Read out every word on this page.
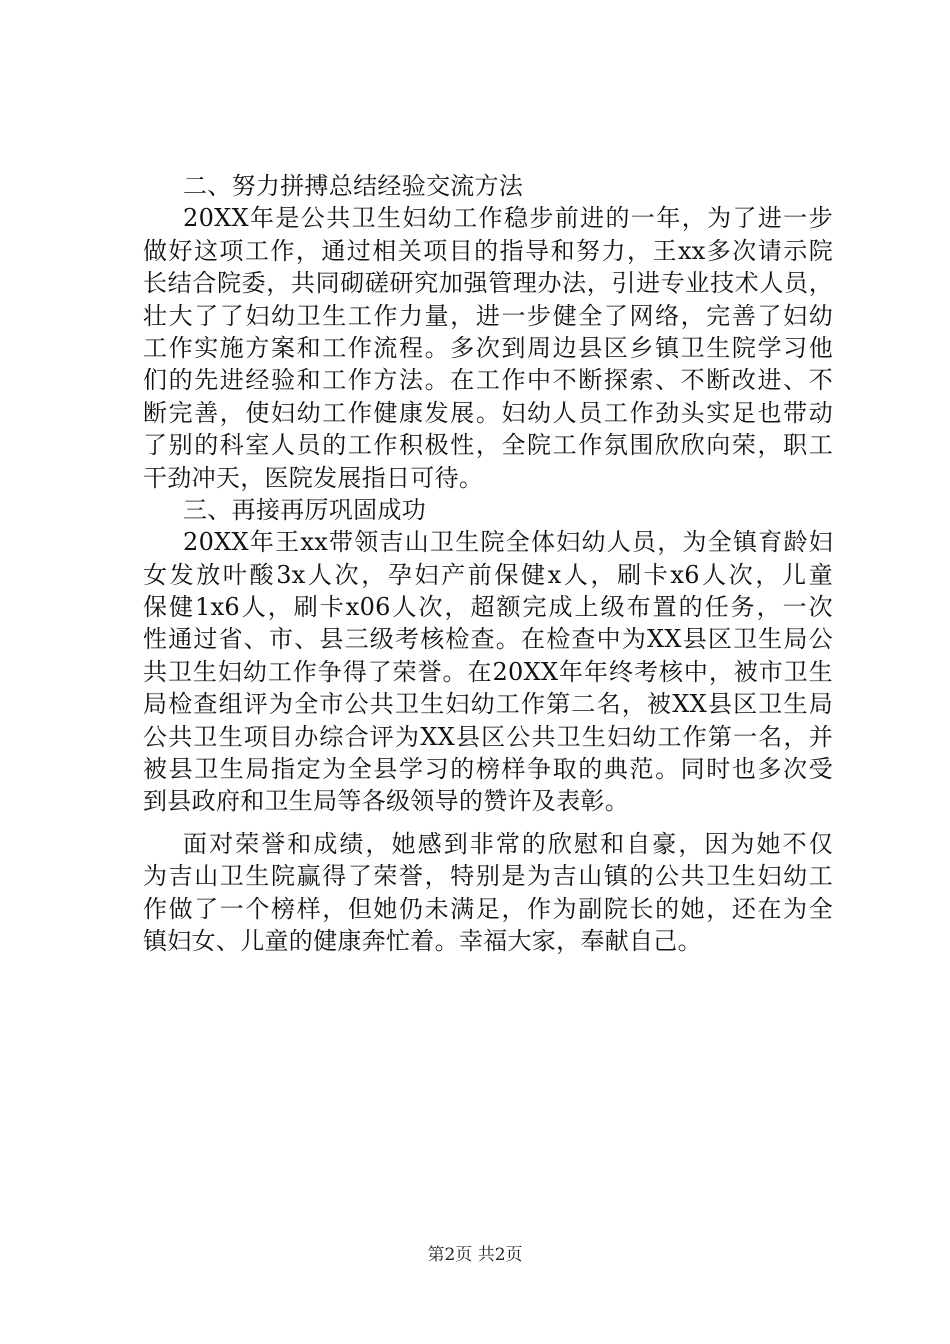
二、努力拼搏总结经验交流方法
20XX年是公共卫生妇幼工作稳步前进的一年，为了进一步
做好这项工作，通过相关项目的指导和努力，王xx多次请示院
长结合院委，共同砌磋研究加强管理办法，引进专业技术人员，
壮大了了妇幼卫生工作力量，进一步健全了网络，完善了妇幼
工作实施方案和工作流程。多次到周边县区乡镇卫生院学习他
们的先进经验和工作方法。在工作中不断探索、不断改进、不
断完善，使妇幼工作健康发展。妇幼人员工作劲头实足也带动
了别的科室人员的工作积极性，全院工作氛围欣欣向荣，职工
干劲冲天，医院发展指日可待。
三、再接再厉巩固成功
20XX年王xx带领吉山卫生院全体妇幼人员，为全镇育龄妇
女发放叶酸3x人次，孕妇产前保健x人，刷卡x6人次，儿童
保健1x6人，刷卡x06人次，超额完成上级布置的任务，一次
性通过省、市、县三级考核检查。在检查中为XX县区卫生局公
共卫生妇幼工作争得了荣誉。在20XX年年终考核中，被市卫生
局检查组评为全市公共卫生妇幼工作第二名，被XX县区卫生局
公共卫生项目办综合评为XX县区公共卫生妇幼工作第一名，并
被县卫生局指定为全县学习的榜样争取的典范。同时也多次受
到县政府和卫生局等各级领导的赞许及表彰。
面对荣誉和成绩，她感到非常的欣慰和自豪，因为她不仅
为吉山卫生院赢得了荣誉，特别是为吉山镇的公共卫生妇幼工
作做了一个榜样，但她仍未满足，作为副院长的她，还在为全
镇妇女、儿童的健康奔忙着。幸福大家，奉献自己。
第2页 共2页
